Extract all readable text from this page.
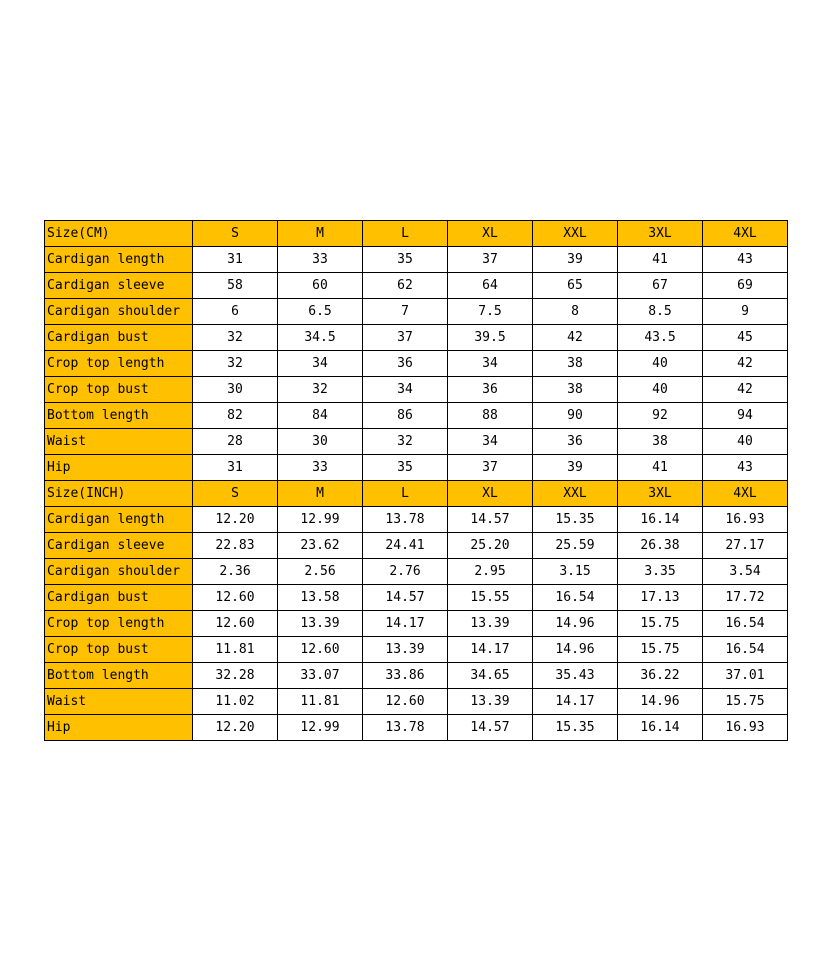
Size(CM)	S	M	L	XL	XXL	3XL	4XL
Cardigan length	31	33	35	37	39	41	43
Cardigan sleeve	58	60	62	64	65	67	69
Cardigan shoulder	6	6.5	7	7.5	8	8.5	9
Cardigan bust	32	34.5	37	39.5	42	43.5	45
Crop top length	32	34	36	34	38	40	42
Crop top bust	30	32	34	36	38	40	42
Bottom length	82	84	86	88	90	92	94
Waist	28	30	32	34	36	38	40
Hip	31	33	35	37	39	41	43
Size(INCH)	S	M	L	XL	XXL	3XL	4XL
Cardigan length	12.20	12.99	13.78	14.57	15.35	16.14	16.93
Cardigan sleeve	22.83	23.62	24.41	25.20	25.59	26.38	27.17
Cardigan shoulder	2.36	2.56	2.76	2.95	3.15	3.35	3.54
Cardigan bust	12.60	13.58	14.57	15.55	16.54	17.13	17.72
Crop top length	12.60	13.39	14.17	13.39	14.96	15.75	16.54
Crop top bust	11.81	12.60	13.39	14.17	14.96	15.75	16.54
Bottom length	32.28	33.07	33.86	34.65	35.43	36.22	37.01
Waist	11.02	11.81	12.60	13.39	14.17	14.96	15.75
Hip	12.20	12.99	13.78	14.57	15.35	16.14	16.93
